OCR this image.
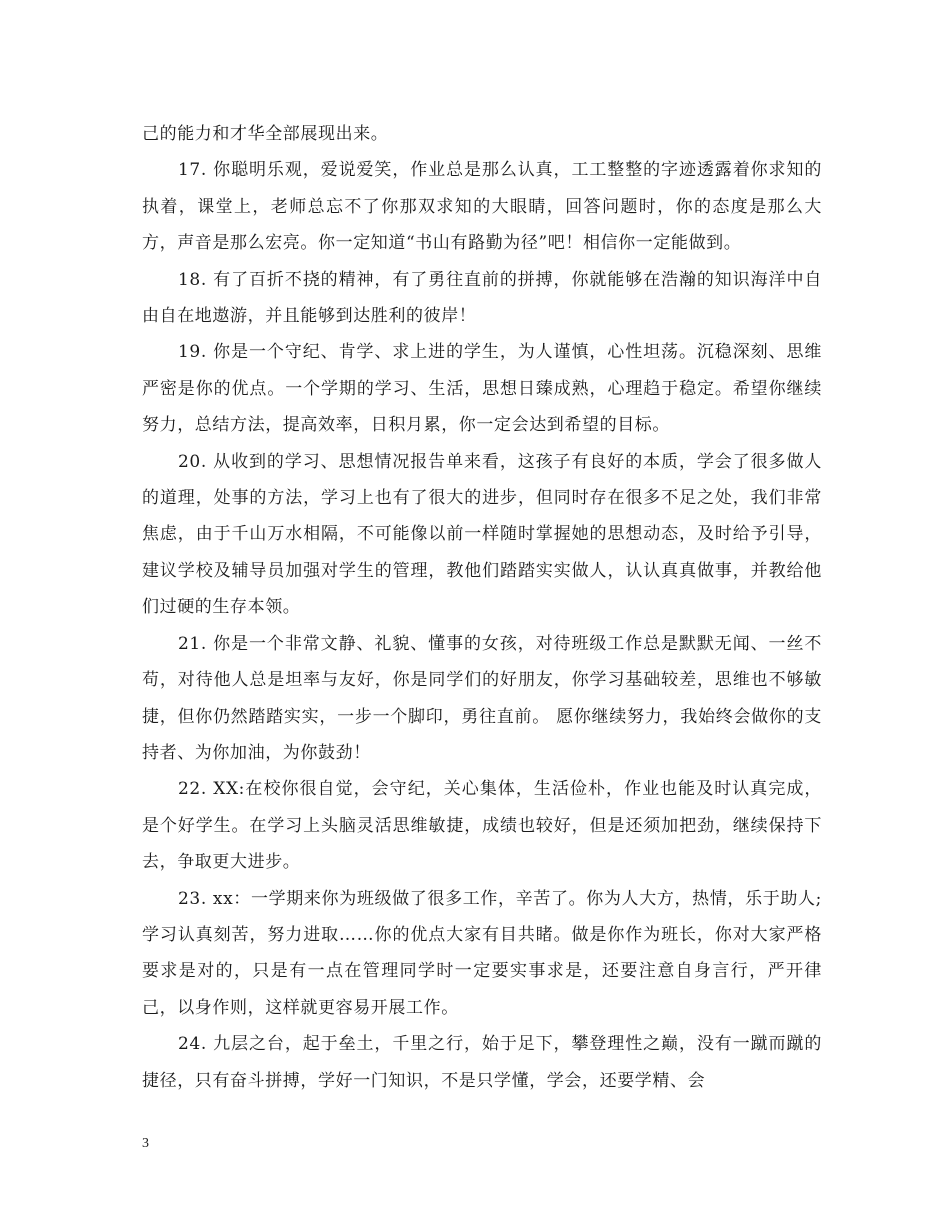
己的能力和才华全部展现出来。

17. 你聪明乐观，爱说爱笑，作业总是那么认真，工工整整的字迹透露着你求知的执着，课堂上，老师总忘不了你那双求知的大眼睛，回答问题时，你的态度是那么大方，声音是那么宏亮。你一定知道“书山有路勤为径”吧！相信你一定能做到。

18. 有了百折不挠的精神，有了勇往直前的拼搏，你就能够在浩瀚的知识海洋中自由自在地遨游，并且能够到达胜利的彼岸！

19. 你是一个守纪、肯学、求上进的学生，为人谨慎，心性坦荡。沉稳深刻、思维严密是你的优点。一个学期的学习、生活，思想日臻成熟，心理趋于稳定。希望你继续努力，总结方法，提高效率，日积月累，你一定会达到希望的目标。

20. 从收到的学习、思想情况报告单来看，这孩子有良好的本质，学会了很多做人的道理，处事的方法，学习上也有了很大的进步，但同时存在很多不足之处，我们非常焦虑，由于千山万水相隔，不可能像以前一样随时掌握她的思想动态，及时给予引导，建议学校及辅导员加强对学生的管理，教他们踏踏实实做人，认认真真做事，并教给他们过硬的生存本领。

21. 你是一个非常文静、礼貌、懂事的女孩，对待班级工作总是默默无闻、一丝不苟，对待他人总是坦率与友好，你是同学们的好朋友，你学习基础较差，思维也不够敏捷，但你仍然踏踏实实，一步一个脚印，勇往直前。 愿你继续努力，我始终会做你的支持者、为你加油，为你鼓劲！

22. XX:在校你很自觉，会守纪，关心集体，生活俭朴，作业也能及时认真完成，是个好学生。在学习上头脑灵活思维敏捷，成绩也较好，但是还须加把劲，继续保持下去，争取更大进步。

23. xx：一学期来你为班级做了很多工作，辛苦了。你为人大方，热情，乐于助人;学习认真刻苦，努力进取……你的优点大家有目共睹。做是你作为班长，你对大家严格要求是对的，只是有一点在管理同学时一定要实事求是，还要注意自身言行，严开律己，以身作则，这样就更容易开展工作。

24. 九层之台，起于垒土，千里之行，始于足下，攀登理性之巅，没有一蹴而蹴的捷径，只有奋斗拼搏，学好一门知识，不是只学懂，学会，还要学精、会

3
